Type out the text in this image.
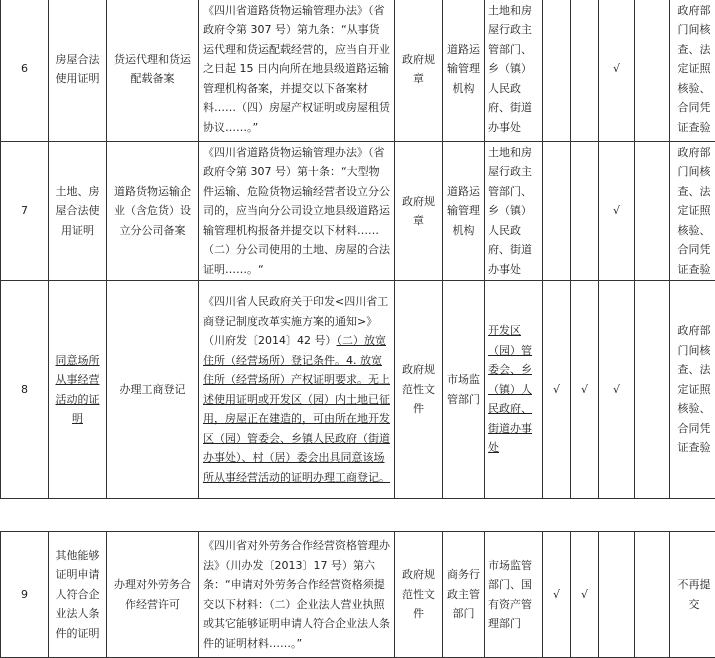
6	房屋合法使用证明	货运代理和货运配载备案	《四川省道路货物运输管理办法》（省政府令第 307 号）第九条：“从事货运代理和货运配载经营的，应当自开业之日起 15 日内向所在地县级道路运输管理机构备案，并提交以下备案材料……（四）房屋产权证明或房屋租赁协议……。”	政府规章	道路运输管理机构	土地和房屋行政主管部门、乡（镇）人民政府、街道办事处			√		政府部门间核查、法定证照核验、合同凭证查验
7	土地、房屋合法使用证明	道路货物运输企业（含危货）设立分公司备案	《四川省道路货物运输管理办法》（省政府令第 307 号）第十条：“大型物件运输、危险货物运输经营者设立分公司的，应当向分公司设立地县级道路运输管理机构报备并提交以下材料……（二）分公司使用的土地、房屋的合法证明……。“	政府规章	道路运输管理机构	土地和房屋行政主管部门、乡（镇）人民政府、街道办事处			√		政府部门间核查、法定证照核验、合同凭证查验
8	同意场所从事经营活动的证明	办理工商登记	《四川省人民政府关于印发<四川省工商登记制度改革实施方案的通知>》（川府发〔2014〕42 号）（二）放宽住所（经营场所）登记条件。4. 放宽住所（经营场所）产权证明要求。无上述使用证明或开发区（园）内土地已征用，房屋正在建造的，可由所在地开发区（园）管委会、乡镇人民政府（街道办事处）、村（居）委会出具同意该场所从事经营活动的证明办理工商登记。	政府规范性文件	市场监管部门	开发区（园）管委会、乡（镇）人民政府、街道办事处	√	√	√		政府部门间核查、法定证照核验、合同凭证查验
9	其他能够证明申请人符合企业法人条件的证明	办理对外劳务合作经营许可	《四川省对外劳务合作经营资格管理办法》（川办发〔2013〕17 号）第六条：“申请对外劳务合作经营资格须提交以下材料：（二）企业法人营业执照或其它能够证明申请人符合企业法人条件的证明材料……。”	政府规范性文件	商务行政主管部门	市场监管部门、国有资产管理部门	√	√			不再提交
